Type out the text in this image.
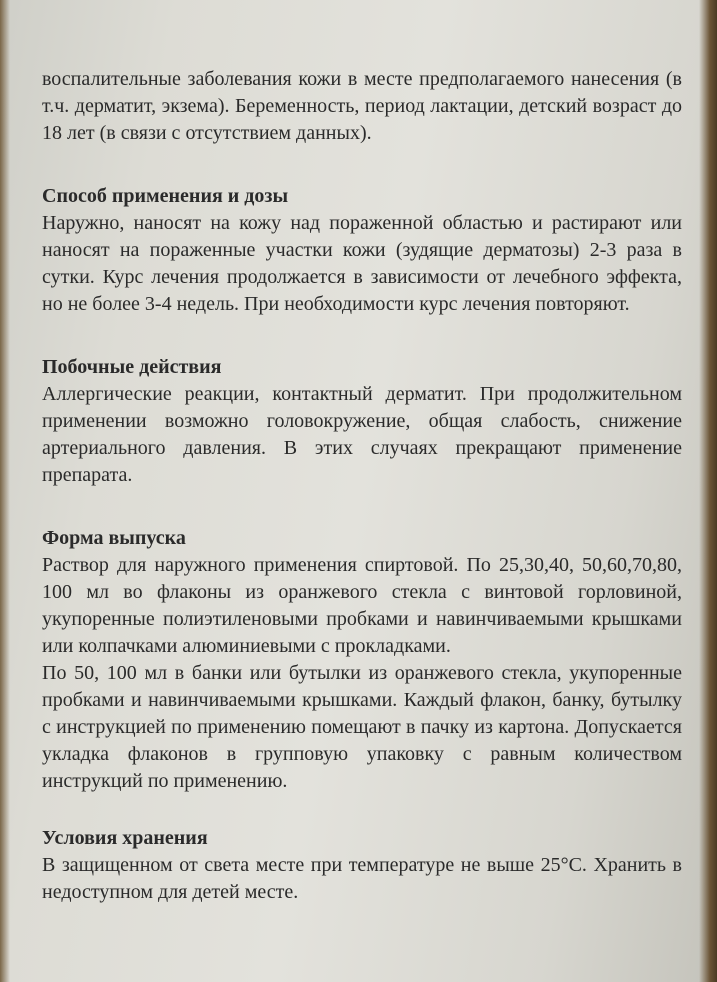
воспалительные заболевания кожи в месте предполагаемого нанесения (в т.ч. дерматит, экзема). Беременность, период лактации, детский возраст до 18 лет (в связи с отсутствием данных).

Способ применения и дозы

Наружно, наносят на кожу над пораженной областью и растирают или наносят на пораженные участки кожи (зудящие дерматозы) 2-3 раза в сутки. Курс лечения продолжается в зависимости от лечебного эффекта, но не более 3-4 недель. При необходимости курс лечения повторяют.

Побочные действия

Аллергические реакции, контактный дерматит. При продолжительном применении возможно головокружение, общая слабость, снижение артериального давления. В этих случаях прекращают применение препарата.

Форма выпуска

Раствор для наружного применения спиртовой. По 25,30,40, 50,60,70,80, 100 мл во флаконы из оранжевого стекла с винтовой горловиной, укупоренные полиэтиленовыми пробками и навинчиваемыми крышками или колпачками алюминиевыми с прокладками.

По 50, 100 мл в банки или бутылки из оранжевого стекла, укупоренные пробками и навинчиваемыми крышками. Каждый флакон, банку, бутылку с инструкцией по применению помещают в пачку из картона. Допускается укладка флаконов в групповую упаковку с равным количеством инструкций по применению.

Условия хранения

В защищенном от света месте при температуре не выше 25°С. Хранить в недоступном для детей месте.
